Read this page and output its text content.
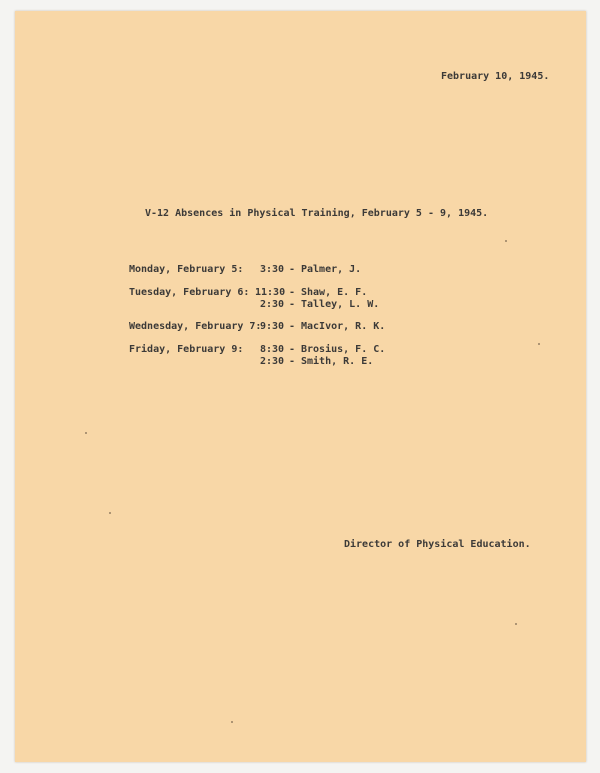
February 10, 1945.

V-12 Absences in Physical Training, February 5 - 9, 1945.

Monday, February 5: 3:30 - Palmer, J.

Tuesday, February 6: 11:30 - Shaw, E. F.

2:30 - Talley, L. W.

Wednesday, February 7:

9:30 - MacIvor, R. K.

Friday, February 9: 8:30 - Brosius, F. C.

2:30 - Smith, R. E.

Director of Physical Education.
